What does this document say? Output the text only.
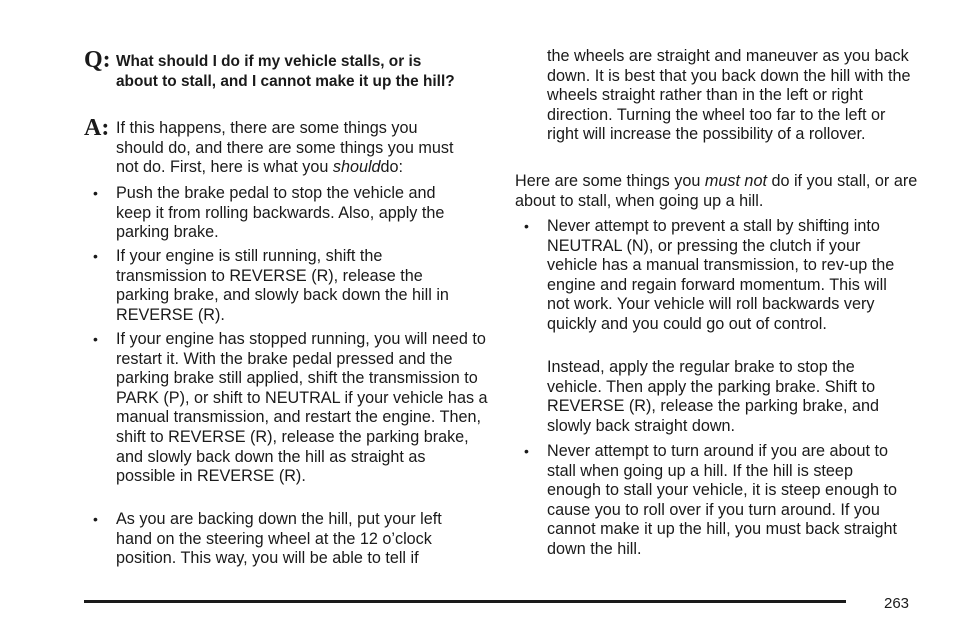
Q: What should I do if my vehicle stalls, or is about to stall, and I cannot make it up the hill?
A: If this happens, there are some things you should do, and there are some things you must not do. First, here is what you shoulddo:
• Push the brake pedal to stop the vehicle and keep it from rolling backwards. Also, apply the parking brake.
• If your engine is still running, shift the transmission to REVERSE (R), release the parking brake, and slowly back down the hill in REVERSE (R).
• If your engine has stopped running, you will need to restart it. With the brake pedal pressed and the parking brake still applied, shift the transmission to PARK (P), or shift to NEUTRAL if your vehicle has a manual transmission, and restart the engine. Then, shift to REVERSE (R), release the parking brake, and slowly back down the hill as straight as possible in REVERSE (R).
• As you are backing down the hill, put your left hand on the steering wheel at the 12 o’clock position. This way, you will be able to tell if
the wheels are straight and maneuver as you back down. It is best that you back down the hill with the wheels straight rather than in the left or right direction. Turning the wheel too far to the left or right will increase the possibility of a rollover.
Here are some things you must not do if you stall, or are about to stall, when going up a hill.
• Never attempt to prevent a stall by shifting into NEUTRAL (N), or pressing the clutch if your vehicle has a manual transmission, to rev-up the engine and regain forward momentum. This will not work. Your vehicle will roll backwards very quickly and you could go out of control.
Instead, apply the regular brake to stop the vehicle. Then apply the parking brake. Shift to REVERSE (R), release the parking brake, and slowly back straight down.
• Never attempt to turn around if you are about to stall when going up a hill. If the hill is steep enough to stall your vehicle, it is steep enough to cause you to roll over if you turn around. If you cannot make it up the hill, you must back straight down the hill.
263
